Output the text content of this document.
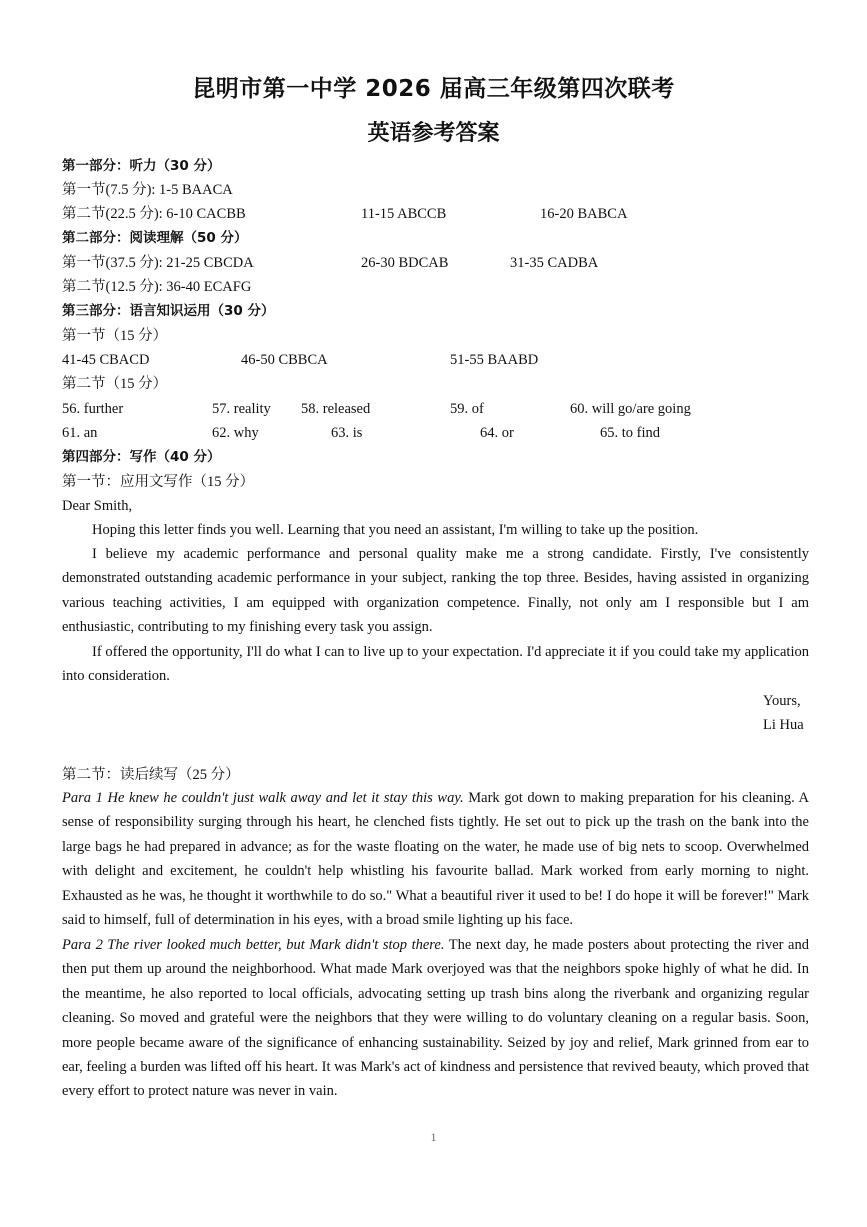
昆明市第一中学 2026 届高三年级第四次联考
英语参考答案
第一部分：听力（30 分）
第一节(7.5 分): 1-5 BAACA
第二节(22.5 分): 6-10 CACBB	11-15 ABCCB	16-20 BABCA
第二部分：阅读理解（50 分）
第一节(37.5 分): 21-25 CBCDA	26-30 BDCAB	31-35 CADBA
第二节(12.5 分): 36-40 ECAFG
第三部分：语言知识运用（30 分）
第一节（15 分）
41-45 CBACD	46-50 CBBCA	51-55 BAABD
第二节（15 分）
56. further	57. reality 58. released	59. of	60. will go/are going
61. an	62. why	63. is	64. or	65. to find
第四部分：写作（40 分）
第一节：应用文写作（15 分）
Dear Smith,
Hoping this letter finds you well. Learning that you need an assistant, I'm willing to take up the position.
I believe my academic performance and personal quality make me a strong candidate. Firstly, I've consistently demonstrated outstanding academic performance in your subject, ranking the top three. Besides, having assisted in organizing various teaching activities, I am equipped with organization competence. Finally, not only am I responsible but I am enthusiastic, contributing to my finishing every task you assign.
If offered the opportunity, I'll do what I can to live up to your expectation. I'd appreciate it if you could take my application into consideration.
Yours,
Li Hua
第二节：读后续写（25 分）
Para 1 He knew he couldn't just walk away and let it stay this way. Mark got down to making preparation for his cleaning. A sense of responsibility surging through his heart, he clenched fists tightly. He set out to pick up the trash on the bank into the large bags he had prepared in advance; as for the waste floating on the water, he made use of big nets to scoop. Overwhelmed with delight and excitement, he couldn't help whistling his favourite ballad. Mark worked from early morning to night. Exhausted as he was, he thought it worthwhile to do so." What a beautiful river it used to be! I do hope it will be forever!" Mark said to himself, full of determination in his eyes, with a broad smile lighting up his face.
Para 2 The river looked much better, but Mark didn't stop there. The next day, he made posters about protecting the river and then put them up around the neighborhood. What made Mark overjoyed was that the neighbors spoke highly of what he did. In the meantime, he also reported to local officials, advocating setting up trash bins along the riverbank and organizing regular cleaning. So moved and grateful were the neighbors that they were willing to do voluntary cleaning on a regular basis. Soon, more people became aware of the significance of enhancing sustainability. Seized by joy and relief, Mark grinned from ear to ear, feeling a burden was lifted off his heart. It was Mark's act of kindness and persistence that revived beauty, which proved that every effort to protect nature was never in vain.
1
